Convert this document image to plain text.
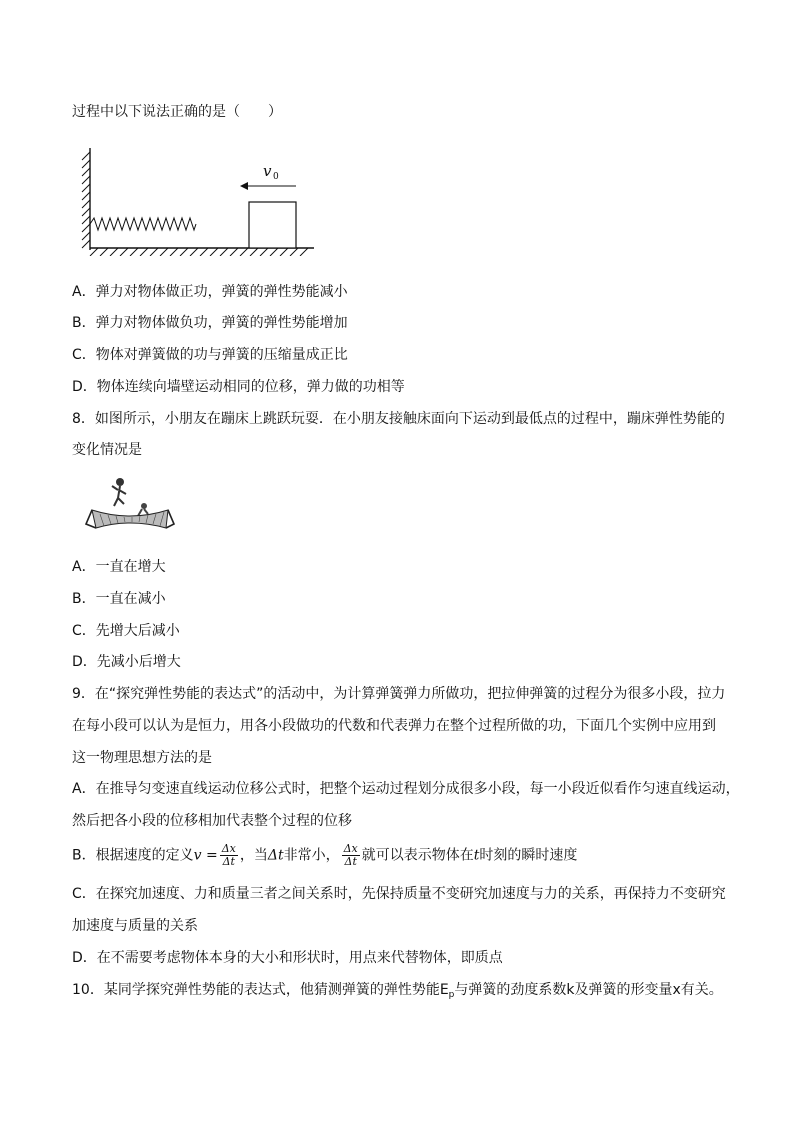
过程中以下说法正确的是（　　）
v 0
A．弹力对物体做正功，弹簧的弹性势能减小
B．弹力对物体做负功，弹簧的弹性势能增加
C．物体对弹簧做的功与弹簧的压缩量成正比
D．物体连续向墙壁运动相同的位移，弹力做的功相等
8．如图所示，小朋友在蹦床上跳跃玩耍．在小朋友接触床面向下运动到最低点的过程中，蹦床弹性势能的
变化情况是
A．一直在增大
B．一直在减小
C．先增大后减小
D．先减小后增大
9．在“探究弹性势能的表达式”的活动中，为计算弹簧弹力所做功，把拉伸弹簧的过程分为很多小段，拉力
在每小段可以认为是恒力，用各小段做功的代数和代表弹力在整个过程所做的功，下面几个实例中应用到
这一物理思想方法的是
A．在推导匀变速直线运动位移公式时，把整个运动过程划分成很多小段，每一小段近似看作匀速直线运动，
然后把各小段的位移相加代表整个过程的位移
B．根据速度的定义$v = \frac{\Delta x}{\Delta t}$ ，当Δt非常小， $\frac{\Delta x}{\Delta t}$ 就可以表示物体在t时刻的瞬时速度
C．在探究加速度、力和质量三者之间关系时，先保持质量不变研究加速度与力的关系，再保持力不变研究
加速度与质量的关系
D．在不需要考虑物体本身的大小和形状时，用点来代替物体，即质点
10．某同学探究弹性势能的表达式，他猜测弹簧的弹性势能$E_p$与弹簧的劲度系数k及弹簧的形变量x有关。
